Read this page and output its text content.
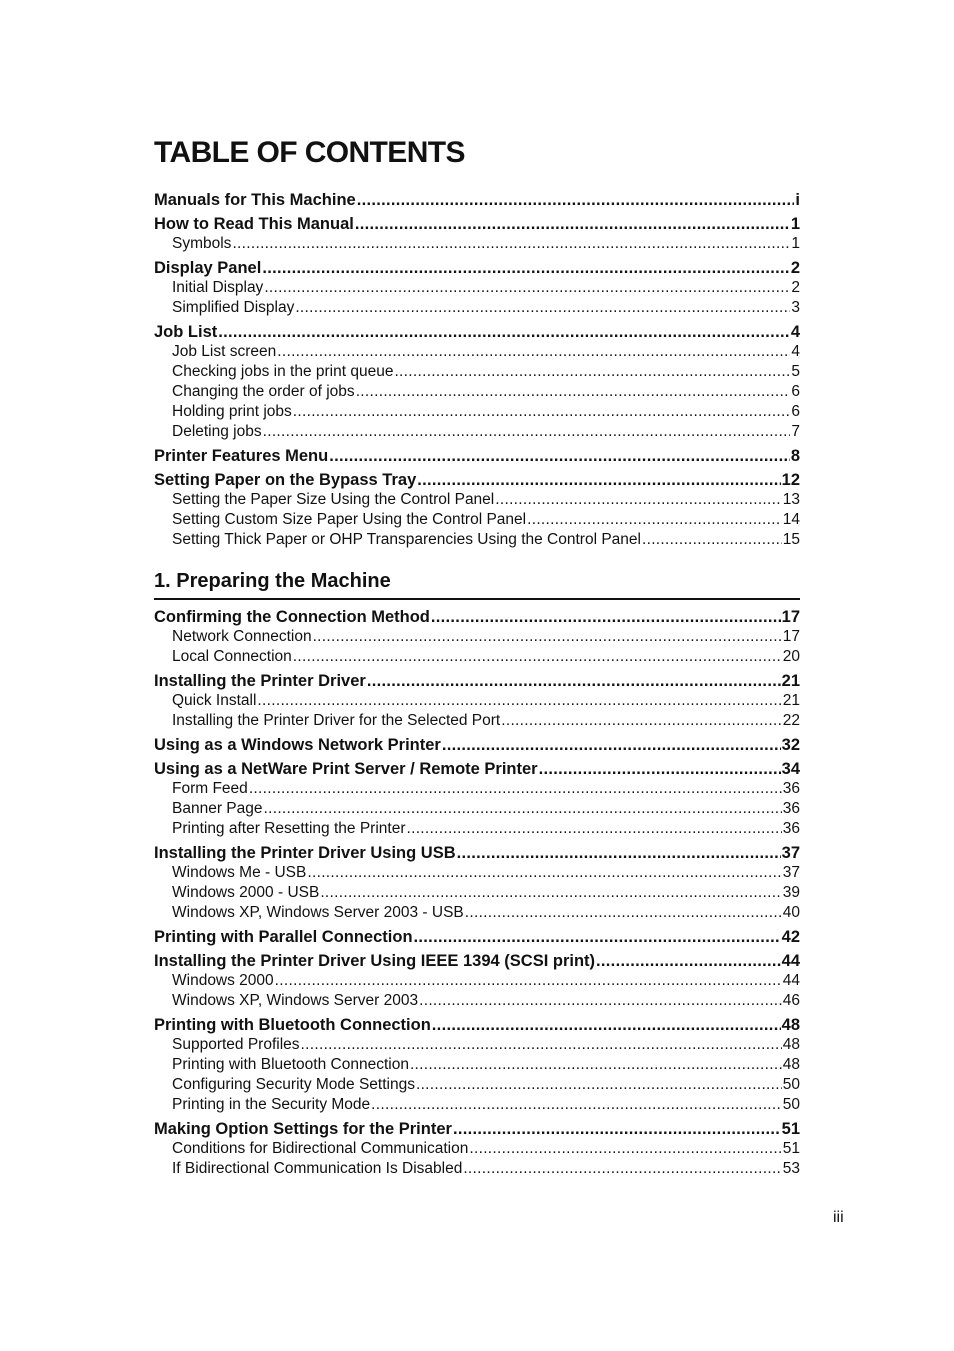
TABLE OF CONTENTS
Manuals for This Machine .....	i
How to Read This Manual .....	1
Symbols .....	1
Display Panel .....	2
Initial Display .....	2
Simplified Display .....	3
Job List .....	4
Job List screen .....	4
Checking jobs in the print queue .....	5
Changing the order of jobs .....	6
Holding print jobs .....	6
Deleting jobs .....	7
Printer Features Menu .....	8
Setting Paper on the Bypass Tray .....	12
Setting the Paper Size Using the Control Panel .....	13
Setting Custom Size Paper Using the Control Panel .....	14
Setting Thick Paper or OHP Transparencies Using the Control Panel .....	15
1. Preparing the Machine
Confirming the Connection Method .....	17
Network Connection .....	17
Local Connection .....	20
Installing the Printer Driver .....	21
Quick Install .....	21
Installing the Printer Driver for the Selected Port .....	22
Using as a Windows Network Printer .....	32
Using as a NetWare Print Server / Remote Printer .....	34
Form Feed .....	36
Banner Page .....	36
Printing after Resetting the Printer .....	36
Installing the Printer Driver Using USB .....	37
Windows Me - USB .....	37
Windows 2000 - USB .....	39
Windows XP, Windows Server 2003 - USB .....	40
Printing with Parallel Connection .....	42
Installing the Printer Driver Using IEEE 1394 (SCSI print) .....	44
Windows 2000 .....	44
Windows XP, Windows Server 2003 .....	46
Printing with Bluetooth Connection .....	48
Supported Profiles .....	48
Printing with Bluetooth Connection .....	48
Configuring Security Mode Settings .....	50
Printing in the Security Mode .....	50
Making Option Settings for the Printer .....	51
Conditions for Bidirectional Communication .....	51
If Bidirectional Communication Is Disabled .....	53
iii
